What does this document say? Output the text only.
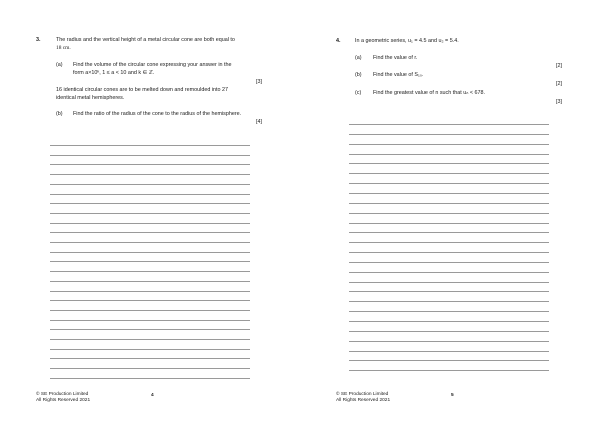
3.	The radius and the vertical height of a metal circular cone are both equal to
18 cm.
(a) Find the volume of the circular cone expressing your answer in the
form a×10ᵏ, 1 ≤ a < 10 and k ∈ ℤ.
[3]
16 identical circular cones are to be melted down and remoulded into 27
identical metal hemispheres.
(b) Find the ratio of the radius of the cone to the radius of the hemisphere.
[4]
© SE Production Limited
All Rights Reserved 2021
4
4.	In a geometric series, u₁ = 4.5 and u₂ = 5.4.
(a) Find the value of r.
[2]
(b) Find the value of S₁₀.
[2]
(c) Find the greatest value of n such that uₙ < 678.
[3]
© SE Production Limited
All Rights Reserved 2021
5
